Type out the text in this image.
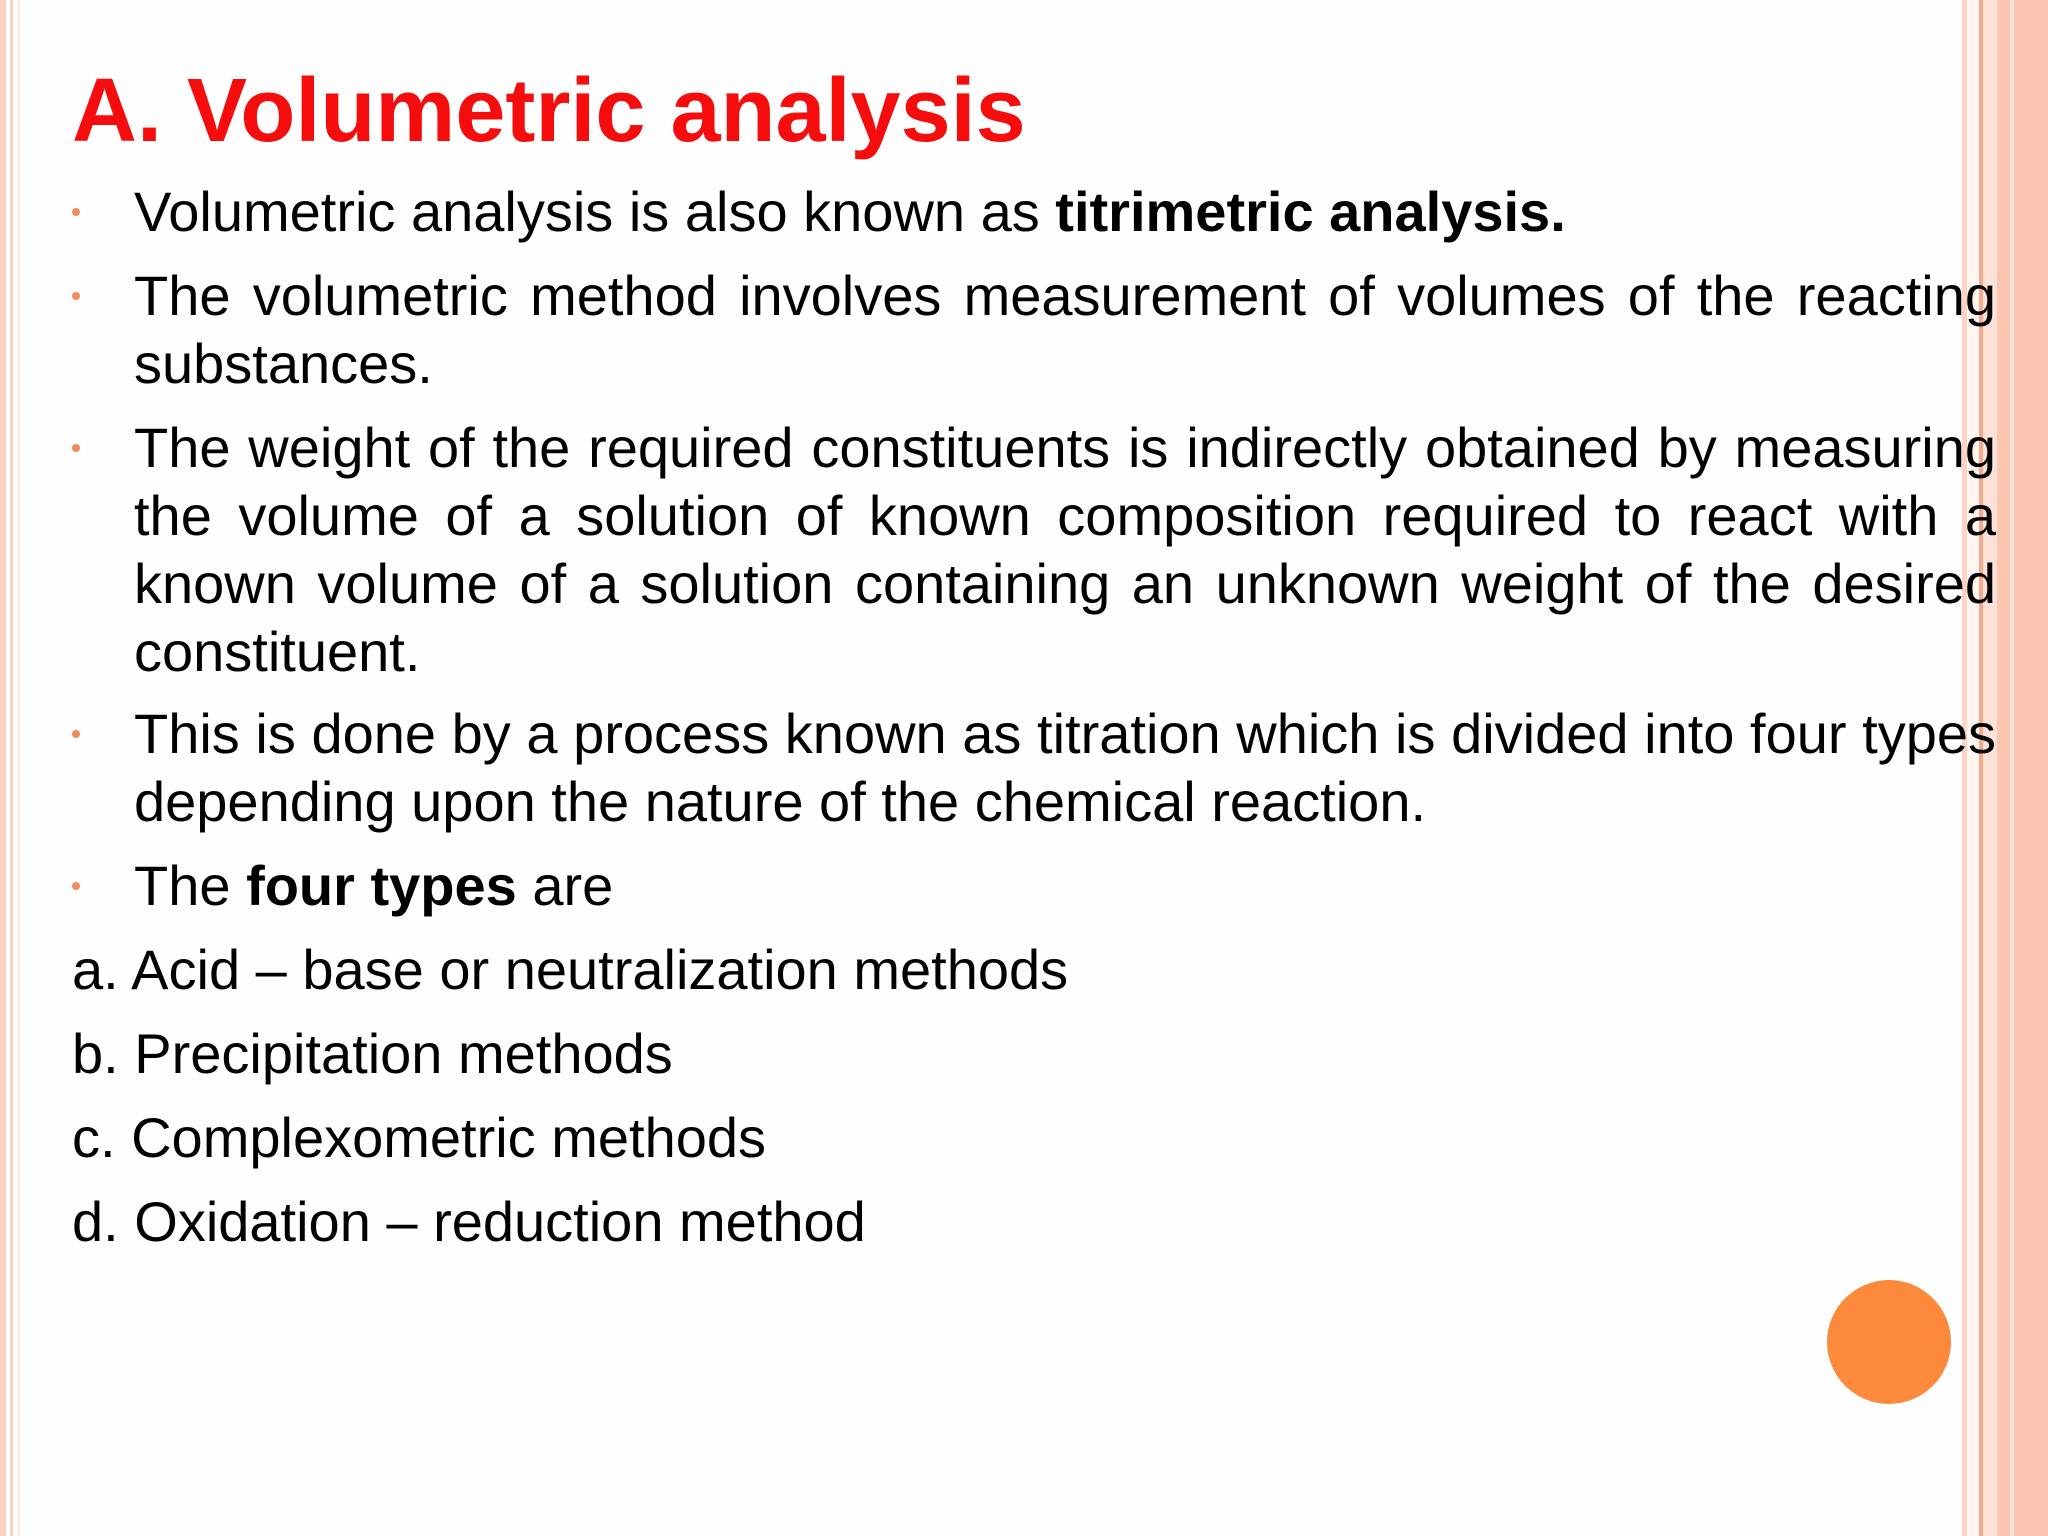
A. Volumetric analysis

Volumetric analysis is also known as titrimetric analysis.

The volumetric method involves measurement of volumes of the reacting substances.

The weight of the required constituents is indirectly obtained by measuring the volume of a solution of known composition required to react with a known volume of a solution containing an unknown weight of the desired constituent.

This is done by a process known as titration which is divided into four types depending upon the nature of the chemical reaction.

The four types are

a. Acid – base or neutralization methods

b. Precipitation methods

c. Complexometric methods

d. Oxidation – reduction method
